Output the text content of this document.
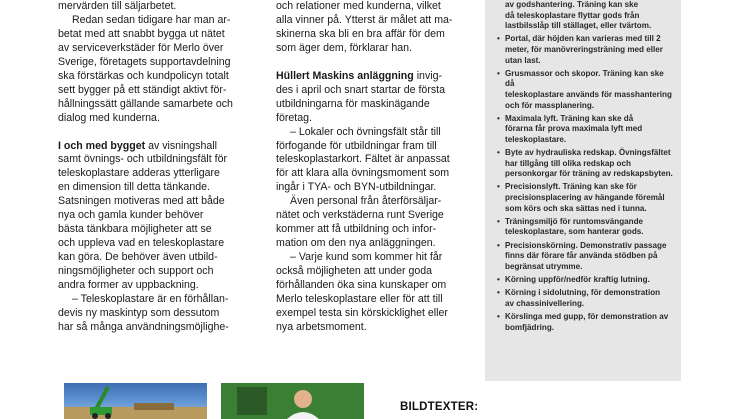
mervärden till säljarbetet.

Redan sedan tidigare har man ar-

betat med att snabbt bygga ut nätet

av serviceverkstäder för Merlo över

Sverige, företagets supportavdelning

ska förstärkas och kundpolicyn totalt

sett bygger på ett ständigt aktivt för-

hållningssätt gällande samarbete och

dialog med kunderna.

I och med bygget av visningshall

samt övnings- och utbildningsfält för

teleskoplastare adderas ytterligare

en dimension till detta tänkande.

Satsningen motiveras med att både

nya och gamla kunder behöver

bästa tänkbara möjligheter att se

och uppleva vad en teleskoplastare

kan göra. De behöver även utbild-

ningsmöjligheter och support och

andra former av uppbackning.

– Teleskoplastare är en förhållan-

devis ny maskintyp som dessutom

har så många användningsmöjlighe-

och relationer med kunderna, vilket

alla vinner på. Ytterst är målet att ma-

skinerna ska bli en bra affär för dem

som äger dem, förklarar han.

Hüllert Maskins anläggning invig-

des i april och snart startar de första

utbildningarna för maskinägande

företag.

– Lokaler och övningsfält står till

förfogande för utbildningar fram till

teleskoplastarkort. Fältet är anpassat

för att klara alla övningsmoment som

ingår i TYA- och BYN-utbildningar.

Även personal från återförsäljar-

nätet och verkstäderna runt Sverige

kommer att få utbildning och infor-

mation om den nya anläggningen.

– Varje kund som kommer hit får

också möjligheten att under goda

förhållanden öka sina kunskaper om

Merlo teleskoplastare eller för att till

exempel testa sin körskicklighet eller

nya arbetsmoment.

av godshantering. Träning kan ske
då teleskoplastare flyttar gods från
lastbilsslåp till ställaget, eller tvärtom.
• Portal, där höjden kan varieras med till 2
meter, för manövreringsträning med eller
utan last.
• Grusmassor och skopor. Träning kan ske då
teleskoplastare används för masshantering
och för massplanering.
• Maximala lyft. Träning kan ske då
förarna får prova maximala lyft med
teleskoplastare.
• Byte av hydrauliska redskap. Övningsfältet
har tillgång till olika redskap och
personkorgar för träning av redskapsbyten.
• Precisionslyft. Träning kan ske för
precisionsplacering av hängande föremål
som körs och ska sättas ned i tunna.
• Träningsmiljö för runtomsvängande
teleskoplastare, som hanterar gods.
• Precisionskörning. Demonstrativ passage
finns där förare får använda stödben på
begränsat utrymme.
• Körning uppför/nedför kraftig lutning.
• Körning i sidolutning, för demonstration
av chassinivellering.
• Körslinga med gupp, för demonstration av
bomfjädring.
BILDTEXTER:
